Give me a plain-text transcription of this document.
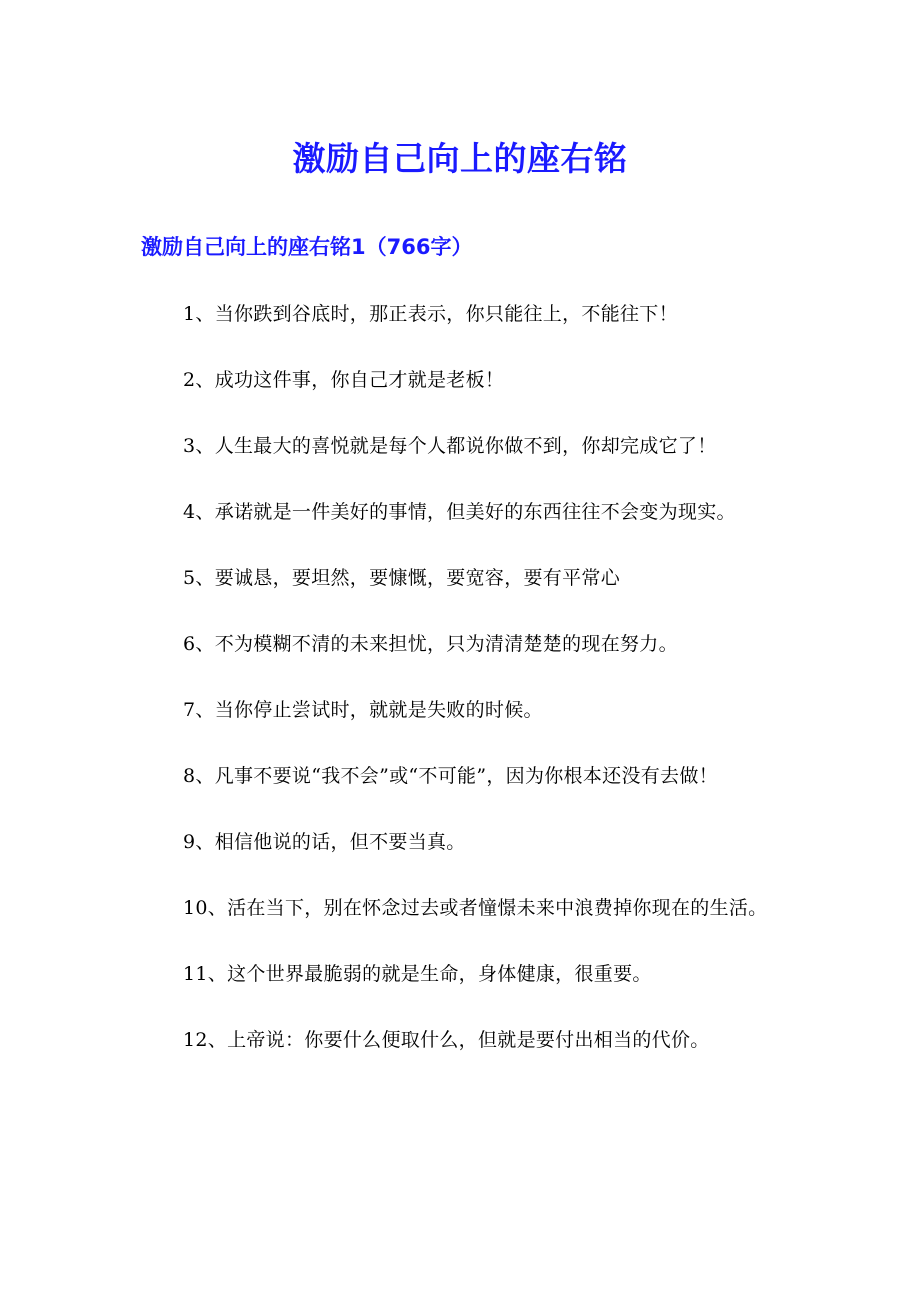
激励自己向上的座右铭
激励自己向上的座右铭1（766字）

1、当你跌到谷底时，那正表示，你只能往上，不能往下！

2、成功这件事，你自己才就是老板！

3、人生最大的喜悦就是每个人都说你做不到，你却完成它了！

4、承诺就是一件美好的事情，但美好的东西往往不会变为现实。

5、要诚恳，要坦然，要慷慨，要宽容，要有平常心

6、不为模糊不清的未来担忧，只为清清楚楚的现在努力。

7、当你停止尝试时，就就是失败的时候。

8、凡事不要说“我不会”或“不可能”，因为你根本还没有去做！

9、相信他说的话，但不要当真。

10、活在当下，别在怀念过去或者憧憬未来中浪费掉你现在的生活。

11、这个世界最脆弱的就是生命，身体健康，很重要。

12、上帝说：你要什么便取什么，但就是要付出相当的代价。
